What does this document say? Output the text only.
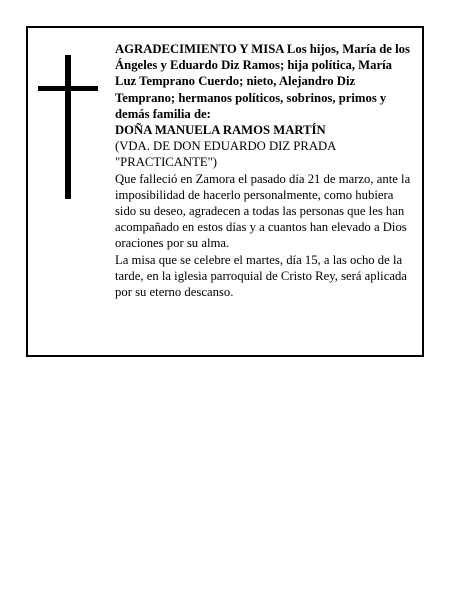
AGRADECIMIENTO Y MISA Los hijos, María de los Ángeles y Eduardo Diz Ramos; hija política, María Luz Temprano Cuerdo; nieto, Alejandro Diz Temprano; hermanos políticos, sobrinos, primos y demás familia de:

DOÑA MANUELA RAMOS MARTÍN

(VDA. DE DON EDUARDO DIZ PRADA "PRACTICANTE")

Que falleció en Zamora el pasado día 21 de marzo, ante la imposibilidad de hacerlo personalmente, como hubiera sido su deseo, agradecen a todas las personas que les han acompañado en estos días y a cuantos han elevado a Dios oraciones por su alma.

La misa que se celebre el martes, día 15, a las ocho de la tarde, en la iglesia parroquial de Cristo Rey, será aplicada por su eterno descanso.
